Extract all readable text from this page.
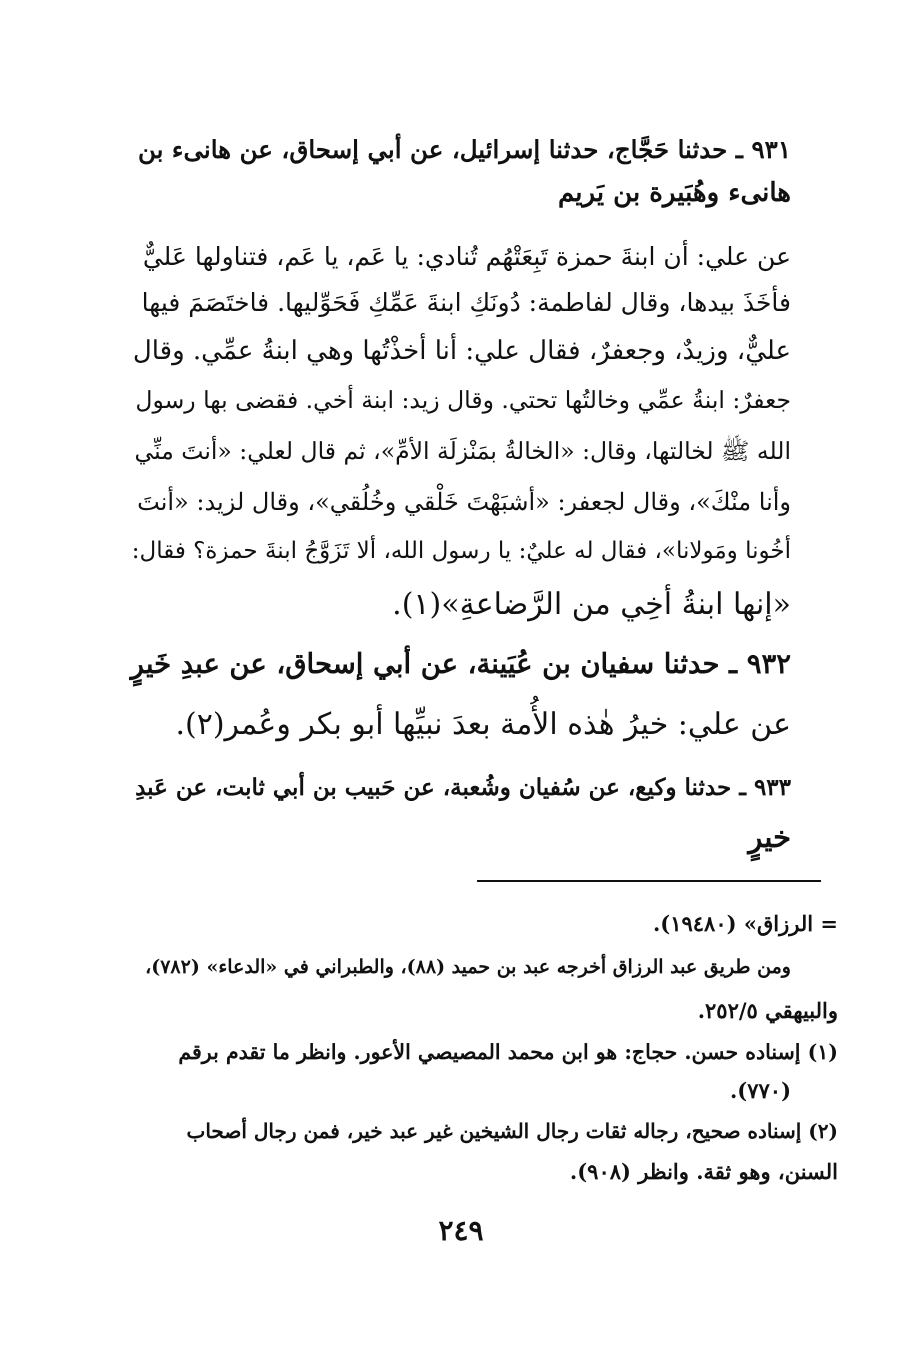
٩٣١ ـ حدثنا حَجَّاج، حدثنا إسرائيل، عن أبي إسحاق، عن هانىء بن
هانىء وهُبَيرة بن يَريم
عن علي: أن ابنةَ حمزة تَبِعَتْهُم تُنادي: يا عَم، يا عَم، فتناولها عَليٌّ
فأخَذَ بيدها، وقال لفاطمة: دُونَكِ ابنةَ عَمِّكِ فَحَوِّليها. فاختَصَمَ فيها
عليٌّ، وزيدٌ، وجعفرٌ، فقال علي: أنا أخذْتُها وهي ابنةُ عمِّي. وقال
جعفرٌ: ابنةُ عمِّي وخالتُها تحتي. وقال زيد: ابنة أخي. فقضى بها رسول
الله ﷺ لخالتها، وقال: «الخالةُ بمَنْزلَة الأمِّ»، ثم قال لعلي: «أنتَ منِّي
وأنا منْكَ»، وقال لجعفر: «أشبَهْتَ خَلْقي وخُلُقي»، وقال لزيد: «أنتَ
أخُونا ومَولانا»، فقال له عليٌ: يا رسول الله، ألا تَزَوَّجُ ابنةَ حمزة؟ فقال:
«إنها ابنةُ أخِي من الرَّضاعةِ»(١).
٩٣٢ ـ حدثنا سفيان بن عُيَينة، عن أبي إسحاق، عن عبدِ خَيرٍ
عن علي: خيرُ هٰذه الأُمة بعدَ نبيِّها أبو بكر وعُمر(٢).
٩٣٣ ـ حدثنا وكيع، عن سُفيان وشُعبة، عن حَبيب بن أبي ثابت، عن عَبدِ
خيرٍ
= الرزاق» (١٩٤٨٠).
ومن طريق عبد الرزاق أخرجه عبد بن حميد (٨٨)، والطبراني في «الدعاء» (٧٨٢)،
والبيهقي ٢٥٢/٥.
(١) إسناده حسن. حجاج: هو ابن محمد المصيصي الأعور. وانظر ما تقدم برقم
(٧٧٠).
(٢) إسناده صحيح، رجاله ثقات رجال الشيخين غير عبد خير، فمن رجال أصحاب
السنن، وهو ثقة. وانظر (٩٠٨).
٢٤٩
